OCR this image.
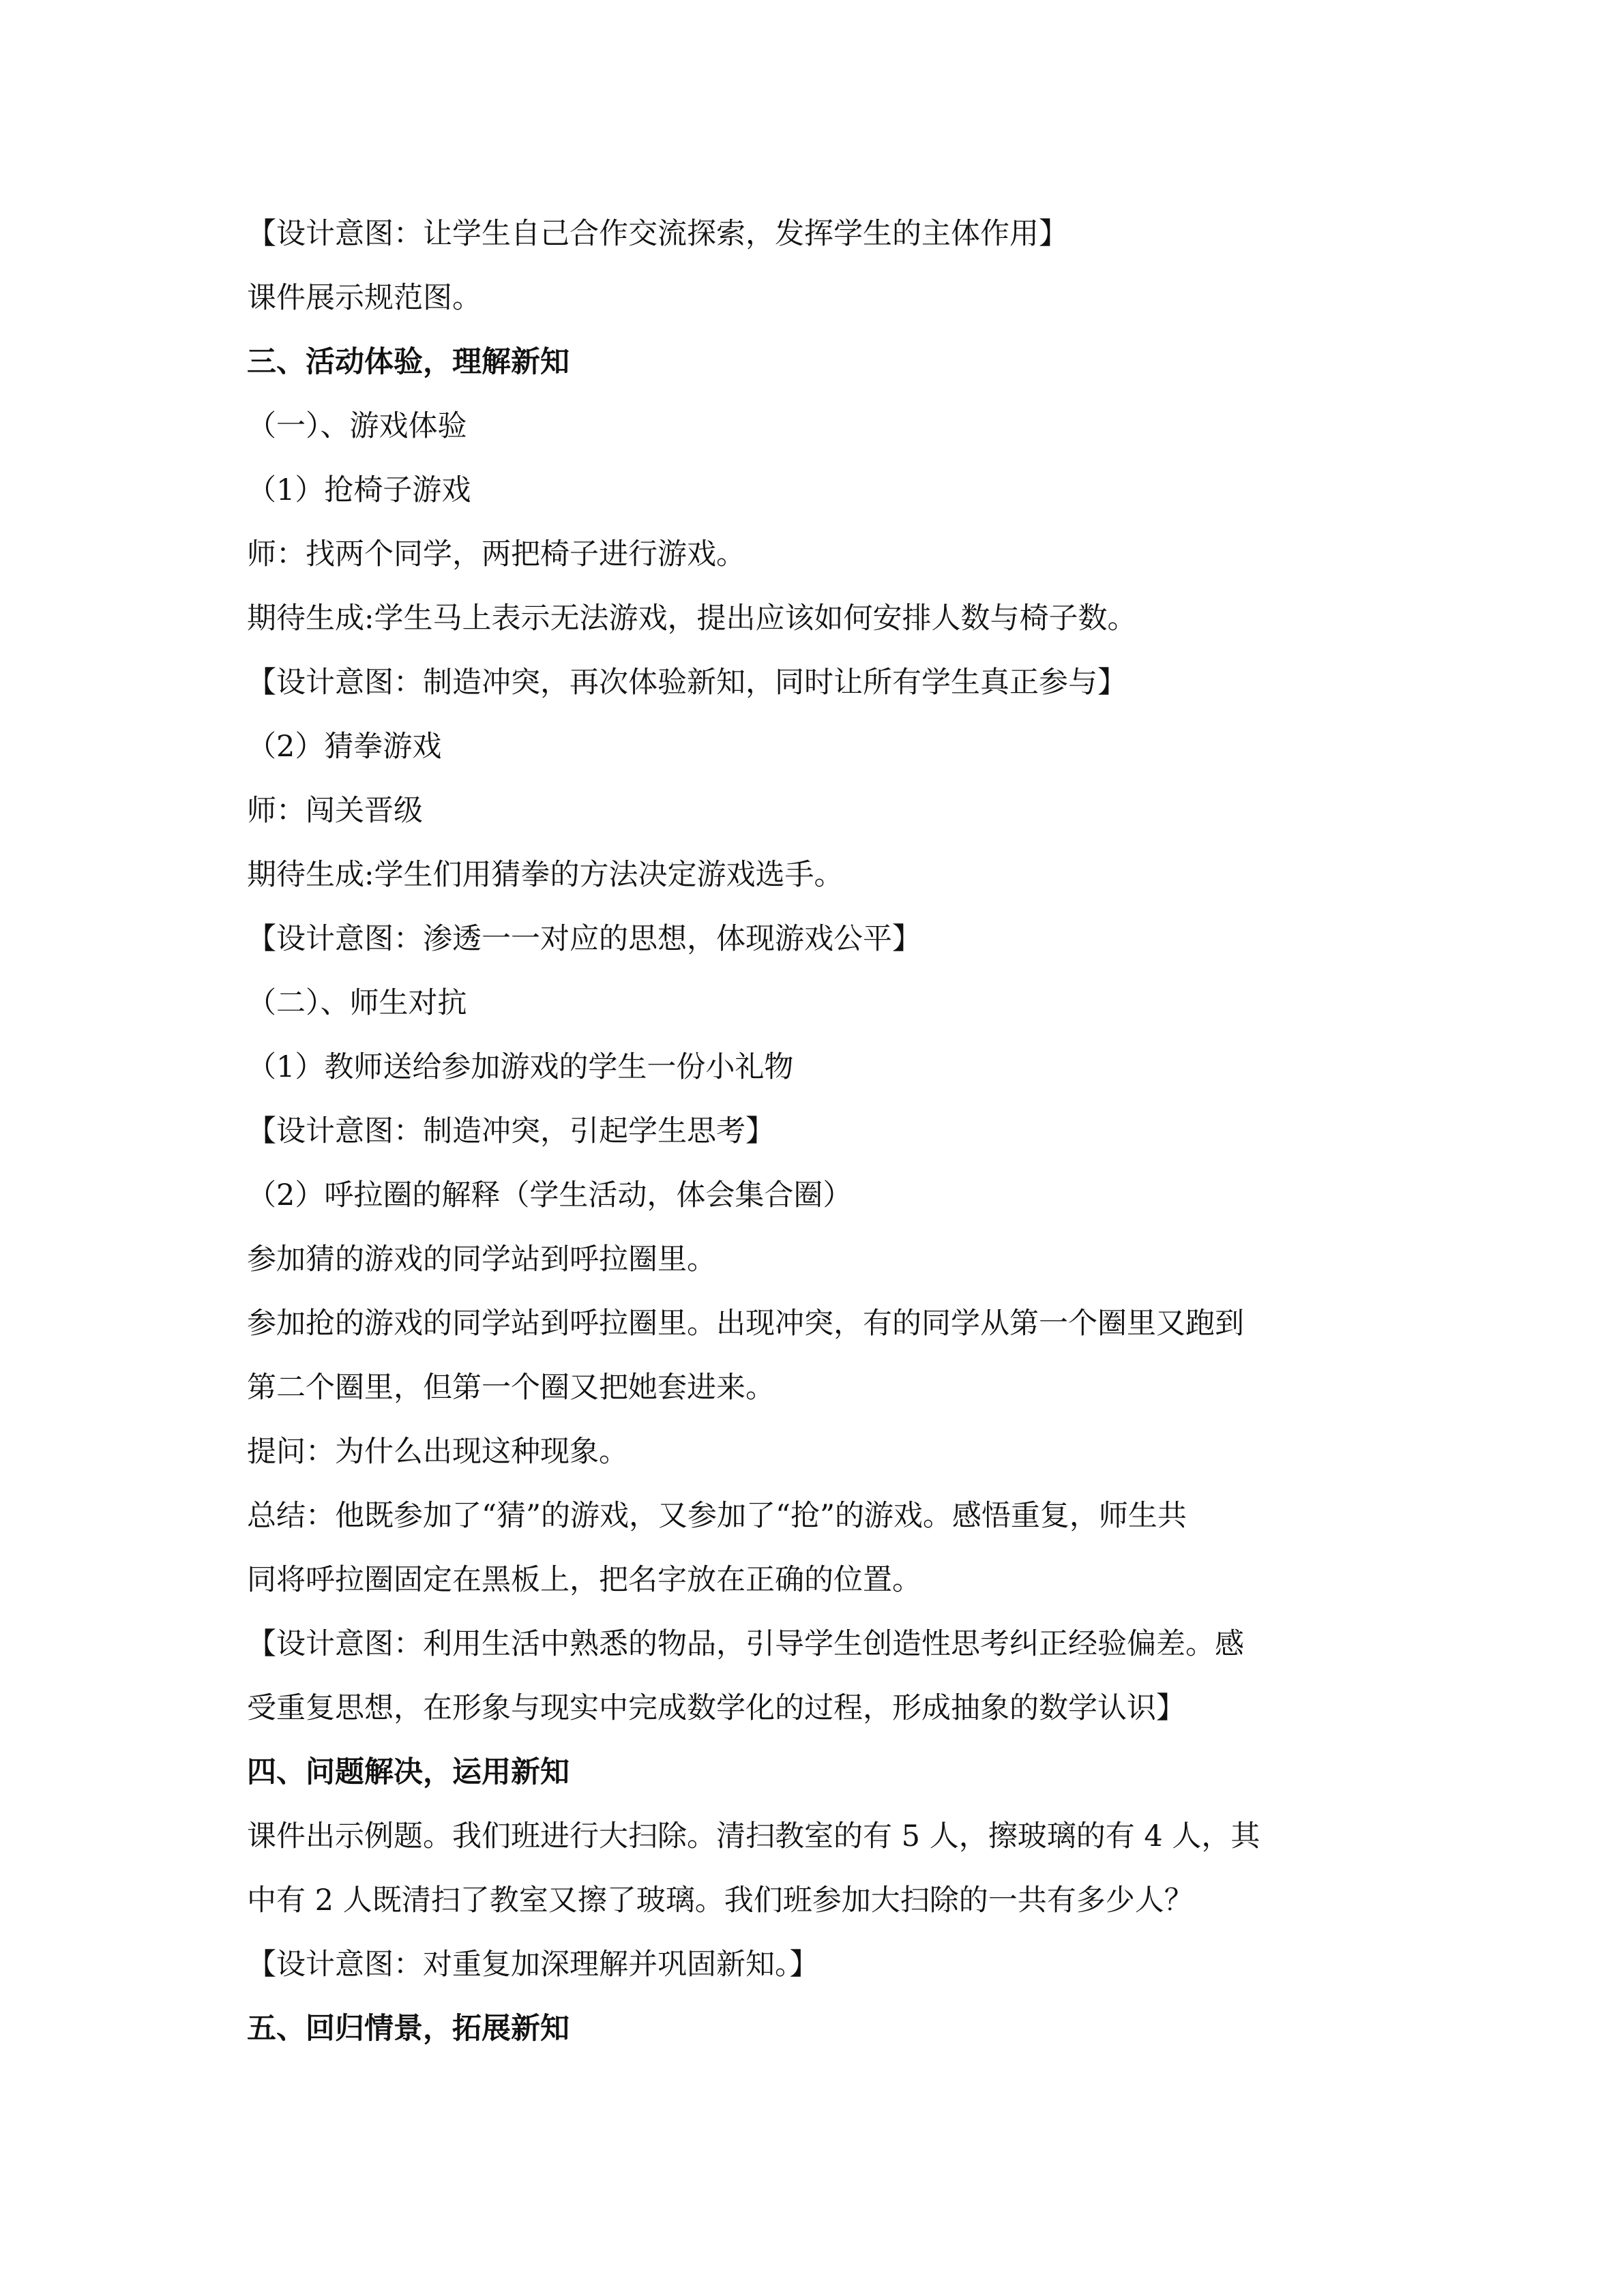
【设计意图：让学生自己合作交流探索，发挥学生的主体作用】
课件展示规范图。
三、活动体验，理解新知
（一）、游戏体验
（1）抢椅子游戏
师：找两个同学，两把椅子进行游戏。
期待生成:学生马上表示无法游戏，提出应该如何安排人数与椅子数。
【设计意图：制造冲突，再次体验新知，同时让所有学生真正参与】
（2）猜拳游戏
师：闯关晋级
期待生成:学生们用猜拳的方法决定游戏选手。
【设计意图：渗透一一对应的思想，体现游戏公平】
（二）、师生对抗
（1）教师送给参加游戏的学生一份小礼物
【设计意图：制造冲突，引起学生思考】
（2）呼拉圈的解释（学生活动，体会集合圈）
参加猜的游戏的同学站到呼拉圈里。
参加抢的游戏的同学站到呼拉圈里。出现冲突，有的同学从第一个圈里又跑到
第二个圈里，但第一个圈又把她套进来。
提问：为什么出现这种现象。
总结：他既参加了“猜”的游戏，又参加了“抢”的游戏。感悟重复，师生共
同将呼拉圈固定在黑板上，把名字放在正确的位置。
【设计意图：利用生活中熟悉的物品，引导学生创造性思考纠正经验偏差。感
受重复思想，在形象与现实中完成数学化的过程，形成抽象的数学认识】
四、问题解决，运用新知
课件出示例题。我们班进行大扫除。清扫教室的有 5 人，擦玻璃的有 4 人，其
中有 2 人既清扫了教室又擦了玻璃。我们班参加大扫除的一共有多少人？
【设计意图：对重复加深理解并巩固新知。】
五、回归情景，拓展新知
